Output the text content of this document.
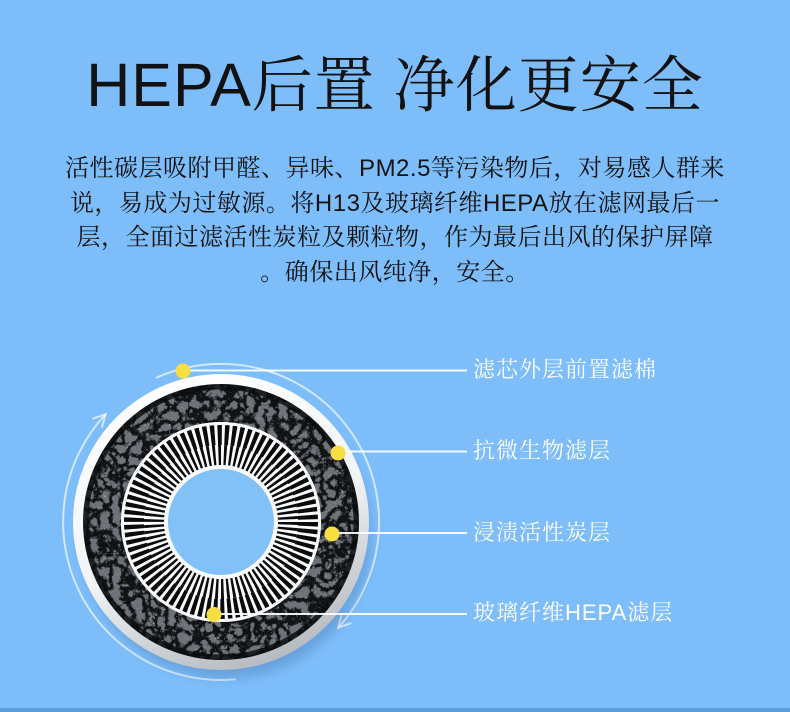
HEPA后置 净化更安全
活性碳层吸附甲醛、异味、PM2.5等污染物后，对易感人群来
说，易成为过敏源。将H13及玻璃纤维HEPA放在滤网最后一
层，全面过滤活性炭粒及颗粒物，作为最后出风的保护屏障
。确保出风纯净，安全。
滤芯外层前置滤棉
抗微生物滤层
浸渍活性炭层
玻璃纤维HEPA滤层
